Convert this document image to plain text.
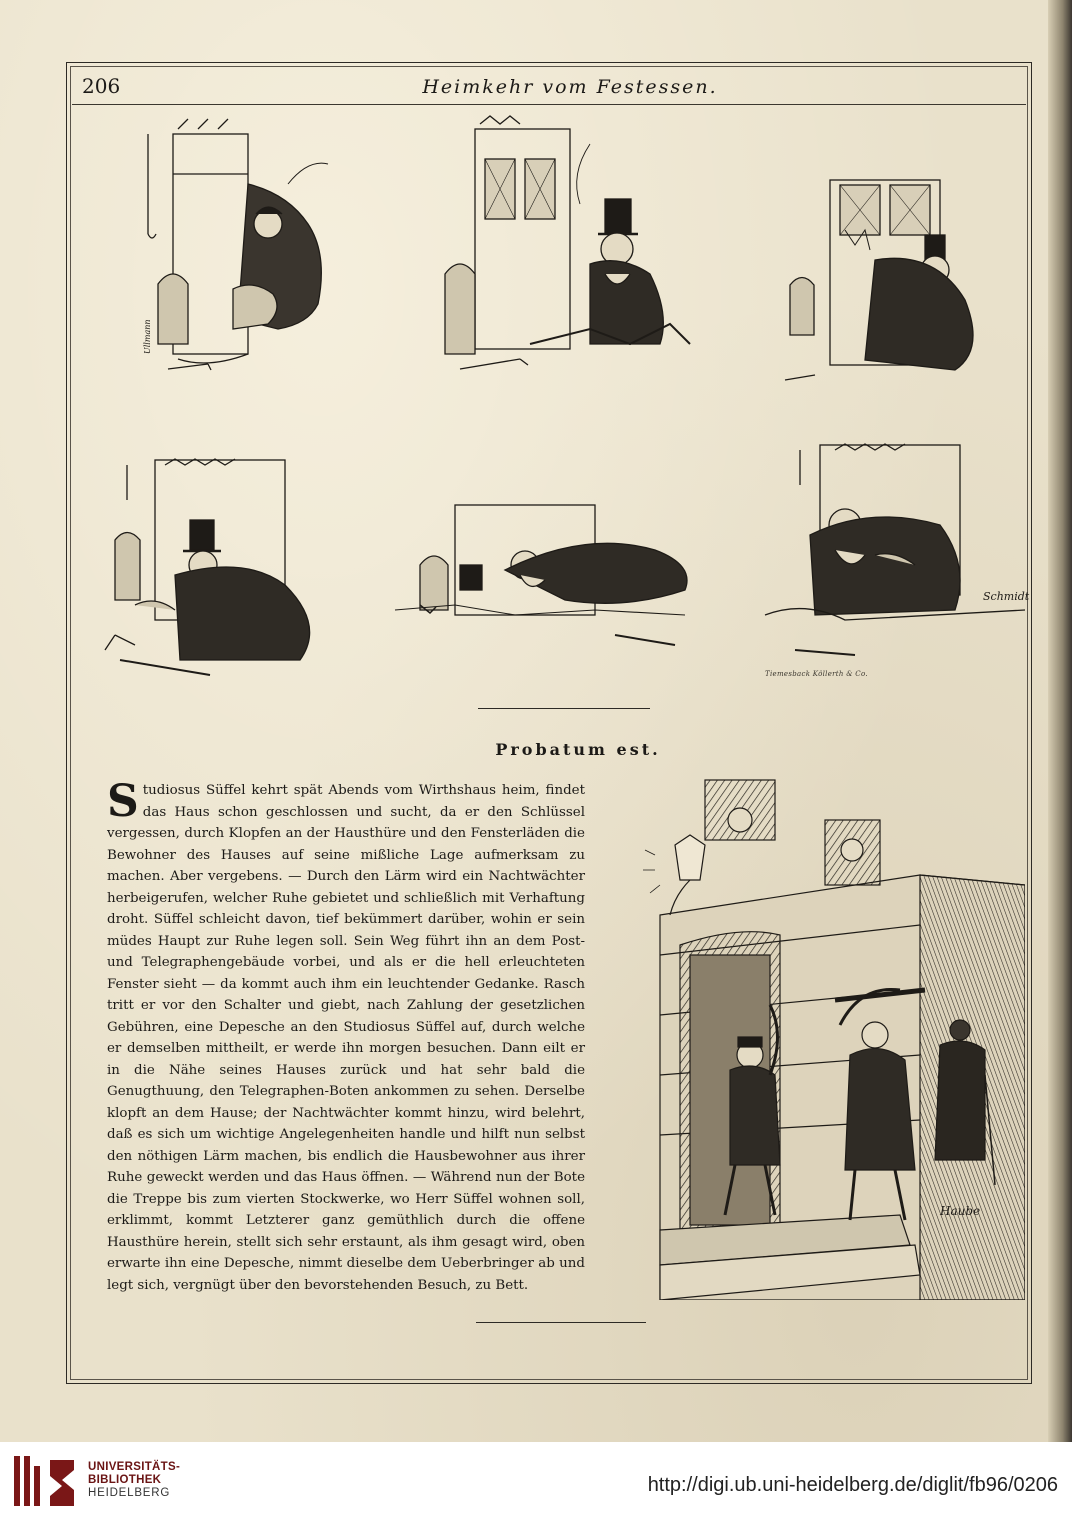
206	Heimkehr vom Festessen.
Ullmann
Schmidt
Tiemesback Köllerth & Co.
Probatum est.

Studiosus Süffel kehrt spät Abends vom Wirthshaus heim, findet das Haus schon geschlossen und sucht, da er den Schlüssel vergessen, durch Klopfen an der Hausthüre und den Fensterläden die Bewohner des Hauses auf seine mißliche Lage aufmerksam zu machen. Aber vergebens. — Durch den Lärm wird ein Nachtwächter herbeigerufen, welcher Ruhe gebietet und schließlich mit Verhaftung droht. Süffel schleicht davon, tief bekümmert darüber, wohin er sein müdes Haupt zur Ruhe legen soll. Sein Weg führt ihn an dem Post- und Telegraphengebäude vorbei, und als er die hell erleuchteten Fenster sieht — da kommt auch ihm ein leuchtender Gedanke. Rasch tritt er vor den Schalter und giebt, nach Zahlung der gesetzlichen Gebühren, eine Depesche an den Studiosus Süffel auf, durch welche er demselben mittheilt, er werde ihn morgen besuchen. Dann eilt er in die Nähe seines Hauses zurück und hat sehr bald die Genugthuung, den Telegraphen-Boten ankommen zu sehen. Derselbe klopft an dem Hause; der Nachtwächter kommt hinzu, wird belehrt, daß es sich um wichtige Angelegenheiten handle und hilft nun selbst den nöthigen Lärm machen, bis endlich die Hausbewohner aus ihrer Ruhe geweckt werden und das Haus öffnen. — Während nun der Bote die Treppe bis zum vierten Stockwerke, wo Herr Süffel wohnen soll, erklimmt, kommt Letzterer ganz gemüthlich durch die offene Hausthüre herein, stellt sich sehr erstaunt, als ihm gesagt wird, oben erwarte ihn eine Depesche, nimmt dieselbe dem Ueberbringer ab und legt sich, vergnügt über den bevorstehenden Besuch, zu Bett.

Haube
UNIVERSITÄTS-
BIBLIOTHEK
HEIDELBERG	http://digi.ub.uni-heidelberg.de/diglit/fb96/0206
